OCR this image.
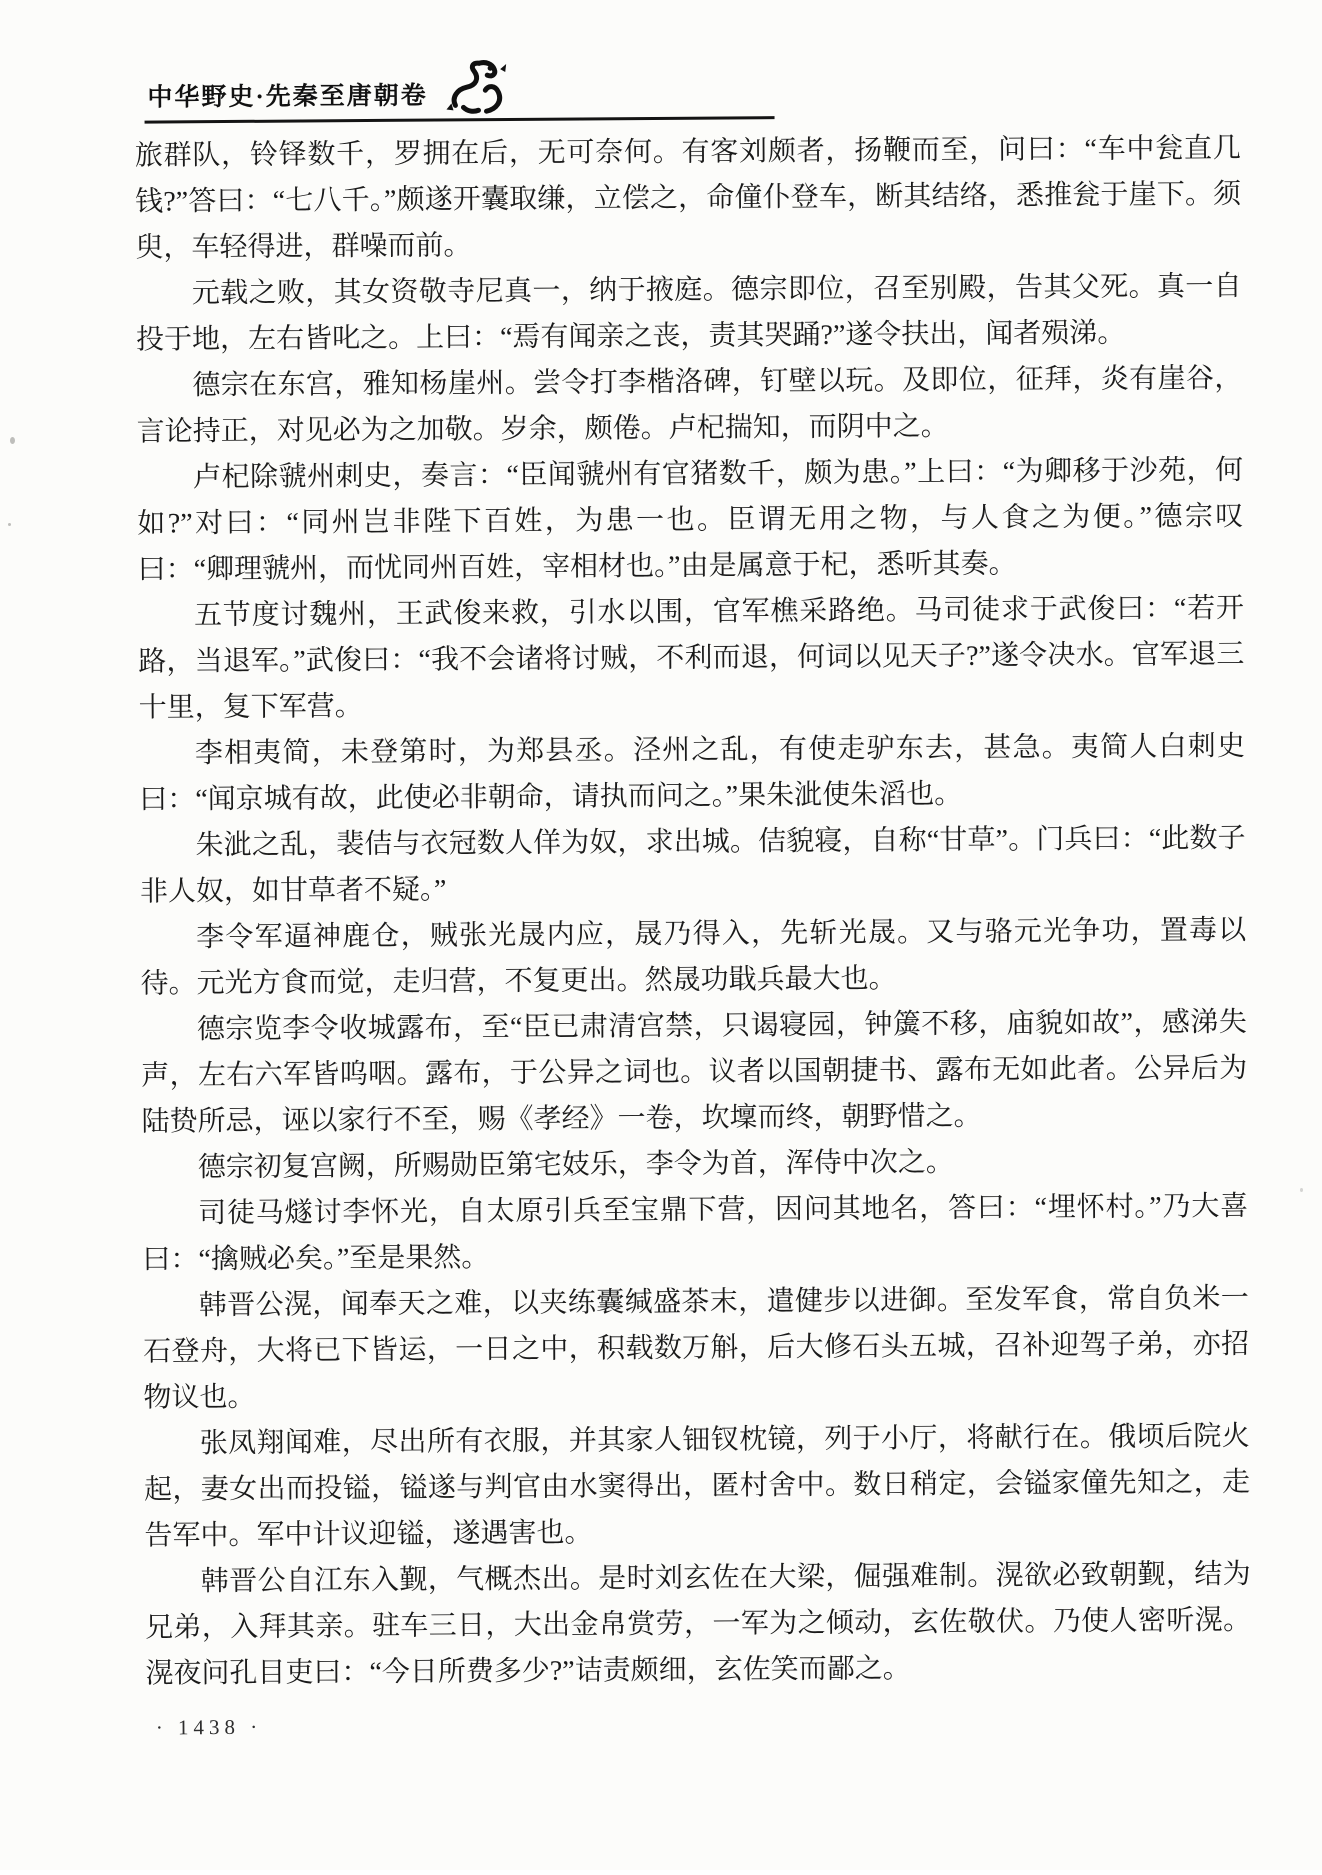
中华野史·先秦至唐朝卷

旅群队，铃铎数千，罗拥在后，无可奈何。有客刘颇者，扬鞭而至，问曰：“车中瓮直几钱?”答曰：“七八千。”颇遂开囊取缣，立偿之，命僮仆登车，断其结络，悉推瓮于崖下。须臾，车轻得进，群噪而前。

元载之败，其女资敬寺尼真一，纳于掖庭。德宗即位，召至别殿，告其父死。真一自投于地，左右皆叱之。上曰：“焉有闻亲之丧，责其哭踊?”遂令扶出，闻者殒涕。

德宗在东宫，雅知杨崖州。尝令打李楷洛碑，钉壁以玩。及即位，征拜，炎有崖谷，言论持正，对见必为之加敬。岁余，颇倦。卢杞揣知，而阴中之。

卢杞除虢州刺史，奏言：“臣闻虢州有官猪数千，颇为患。”上曰：“为卿移于沙苑，何如?”对曰：“同州岂非陛下百姓，为患一也。臣谓无用之物，与人食之为便。”德宗叹曰：“卿理虢州，而忧同州百姓，宰相材也。”由是属意于杞，悉听其奏。

五节度讨魏州，王武俊来救，引水以围，官军樵采路绝。马司徒求于武俊曰：“若开路，当退军。”武俊曰：“我不会诸将讨贼，不利而退，何词以见天子?”遂令决水。官军退三十里，复下军营。

李相夷简，未登第时，为郑县丞。泾州之乱，有使走驴东去，甚急。夷简人白刺史曰：“闻京城有故，此使必非朝命，请执而问之。”果朱泚使朱滔也。

朱泚之乱，裴佶与衣冠数人佯为奴，求出城。佶貌寝，自称“甘草”。门兵曰：“此数子非人奴，如甘草者不疑。”

李令军逼神鹿仓，贼张光晟内应，晟乃得入，先斩光晟。又与骆元光争功，置毒以待。元光方食而觉，走归营，不复更出。然晟功戢兵最大也。

德宗览李令收城露布，至“臣已肃清宫禁，只谒寝园，钟簴不移，庙貌如故”，感涕失声，左右六军皆呜咽。露布，于公异之词也。议者以国朝捷书、露布无如此者。公异后为陆贽所忌，诬以家行不至，赐《孝经》一卷，坎壈而终，朝野惜之。

德宗初复宫阙，所赐勋臣第宅妓乐，李令为首，浑侍中次之。

司徒马燧讨李怀光，自太原引兵至宝鼎下营，因问其地名，答曰：“埋怀村。”乃大喜曰：“擒贼必矣。”至是果然。

韩晋公滉，闻奉天之难，以夹练囊缄盛茶末，遣健步以进御。至发军食，常自负米一石登舟，大将已下皆运，一日之中，积载数万斛，后大修石头五城，召补迎驾子弟，亦招物议也。

张凤翔闻难，尽出所有衣服，并其家人钿钗枕镜，列于小厅，将献行在。俄顷后院火起，妻女出而投镒，镒遂与判官由水窦得出，匿村舍中。数日稍定，会镒家僮先知之，走告军中。军中计议迎镒，遂遇害也。

韩晋公自江东入觐，气概杰出。是时刘玄佐在大梁，倔强难制。滉欲必致朝觐，结为兄弟，入拜其亲。驻车三日，大出金帛赏劳，一军为之倾动，玄佐敬伏。乃使人密听滉。滉夜问孔目吏曰：“今日所费多少?”诘责颇细，玄佐笑而鄙之。

· 1438 ·
